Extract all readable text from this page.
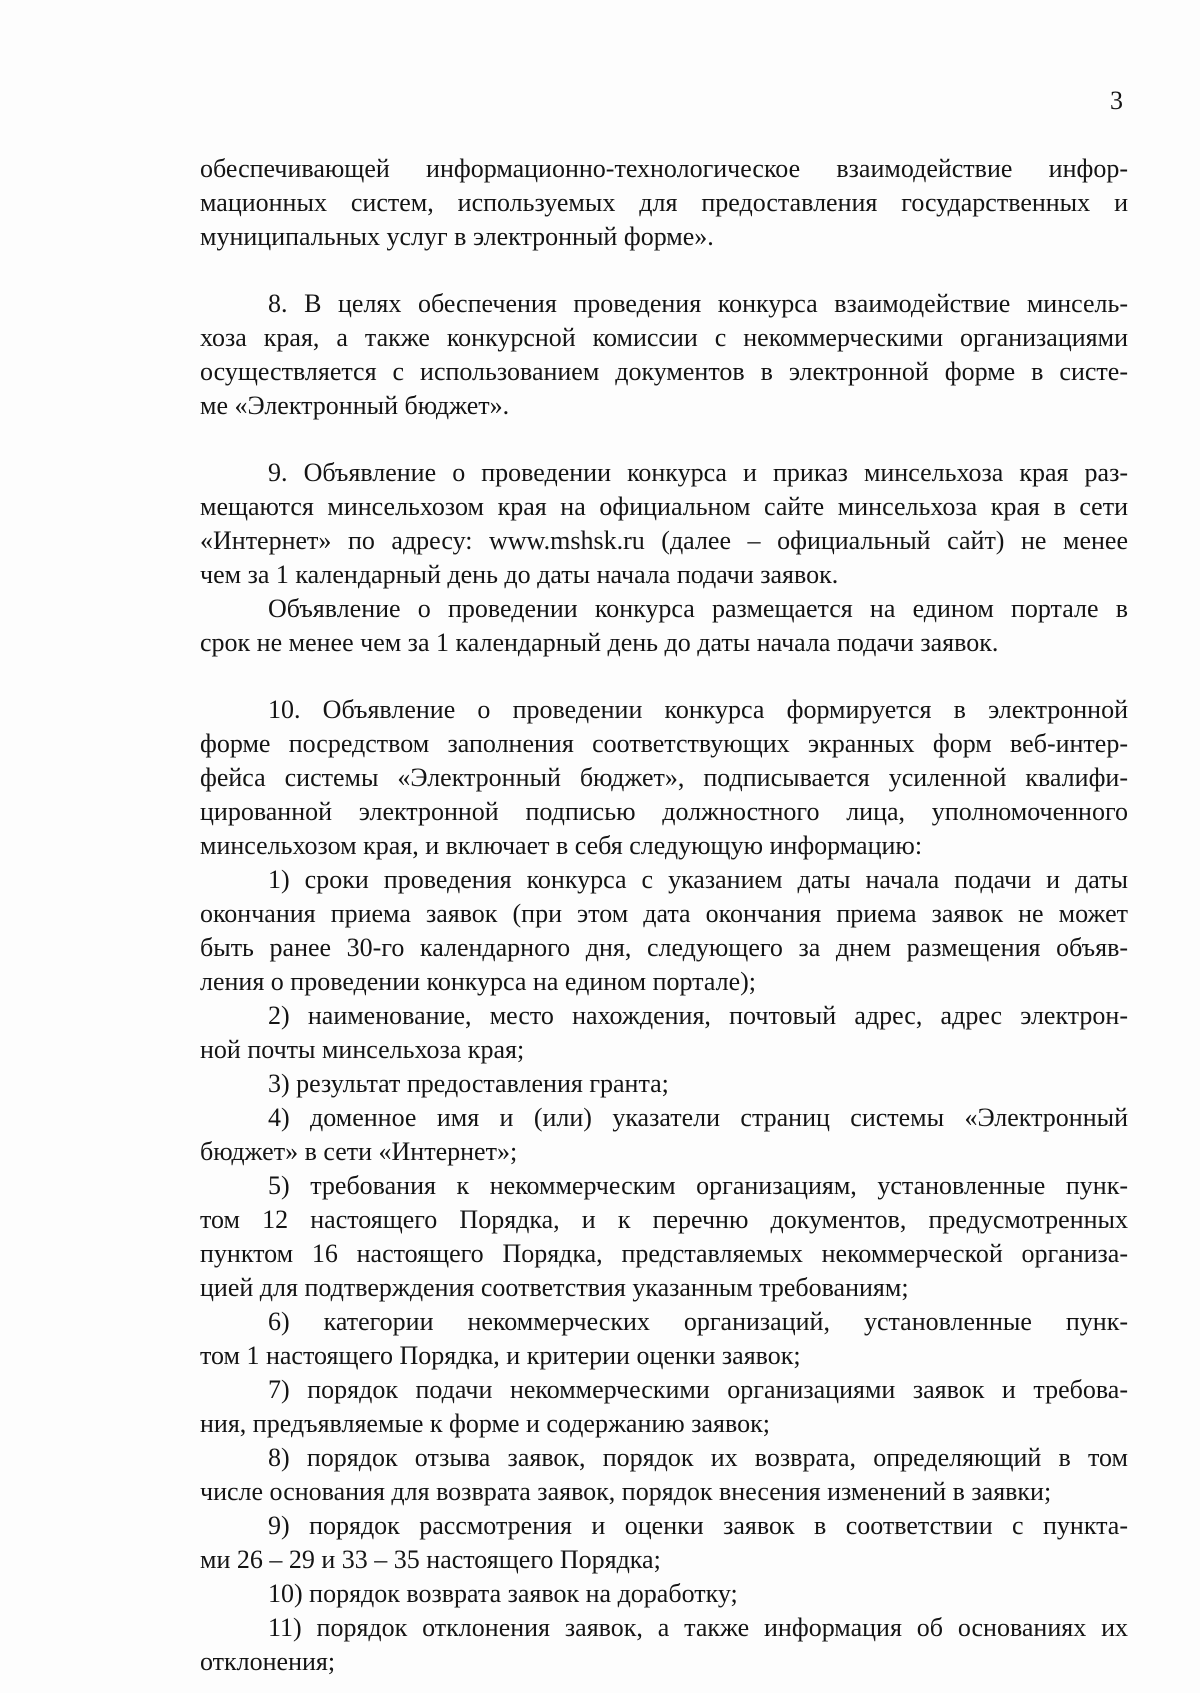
3

обеспечивающей информационно-технологическое взаимодействие инфор-
мационных систем, используемых для предоставления государственных и
муниципальных услуг в электронный форме».

8. В целях обеспечения проведения конкурса взаимодействие минсель-
хоза края, а также конкурсной комиссии с некоммерческими организациями
осуществляется с использованием документов в электронной форме в систе-
ме «Электронный бюджет».

9. Объявление о проведении конкурса и приказ минсельхоза края раз-
мещаются минсельхозом края на официальном сайте минсельхоза края в сети
«Интернет» по адресу: www.mshsk.ru (далее – официальный сайт) не менее
чем за 1 календарный день до даты начала подачи заявок.

Объявление о проведении конкурса размещается на едином портале в
срок не менее чем за 1 календарный день до даты начала подачи заявок.

10. Объявление о проведении конкурса формируется в электронной
форме посредством заполнения соответствующих экранных форм веб-интер-
фейса системы «Электронный бюджет», подписывается усиленной квалифи-
цированной электронной подписью должностного лица, уполномоченного
минсельхозом края, и включает в себя следующую информацию:

1) сроки проведения конкурса с указанием даты начала подачи и даты
окончания приема заявок (при этом дата окончания приема заявок не может
быть ранее 30-го календарного дня, следующего за днем размещения объяв-
ления о проведении конкурса на едином портале);

2) наименование, место нахождения, почтовый адрес, адрес электрон-
ной почты минсельхоза края;

3) результат предоставления гранта;

4) доменное имя и (или) указатели страниц системы «Электронный
бюджет» в сети «Интернет»;

5) требования к некоммерческим организациям, установленные пунк-
том 12 настоящего Порядка, и к перечню документов, предусмотренных
пунктом 16 настоящего Порядка, представляемых некоммерческой организа-
цией для подтверждения соответствия указанным требованиям;

6) категории некоммерческих организаций, установленные пунк-
том 1 настоящего Порядка, и критерии оценки заявок;

7) порядок подачи некоммерческими организациями заявок и требова-
ния, предъявляемые к форме и содержанию заявок;

8) порядок отзыва заявок, порядок их возврата, определяющий в том
числе основания для возврата заявок, порядок внесения изменений в заявки;

9) порядок рассмотрения и оценки заявок в соответствии с пункта-
ми 26 – 29 и 33 – 35 настоящего Порядка;

10) порядок возврата заявок на доработку;

11) порядок отклонения заявок, а также информация об основаниях их
отклонения;
